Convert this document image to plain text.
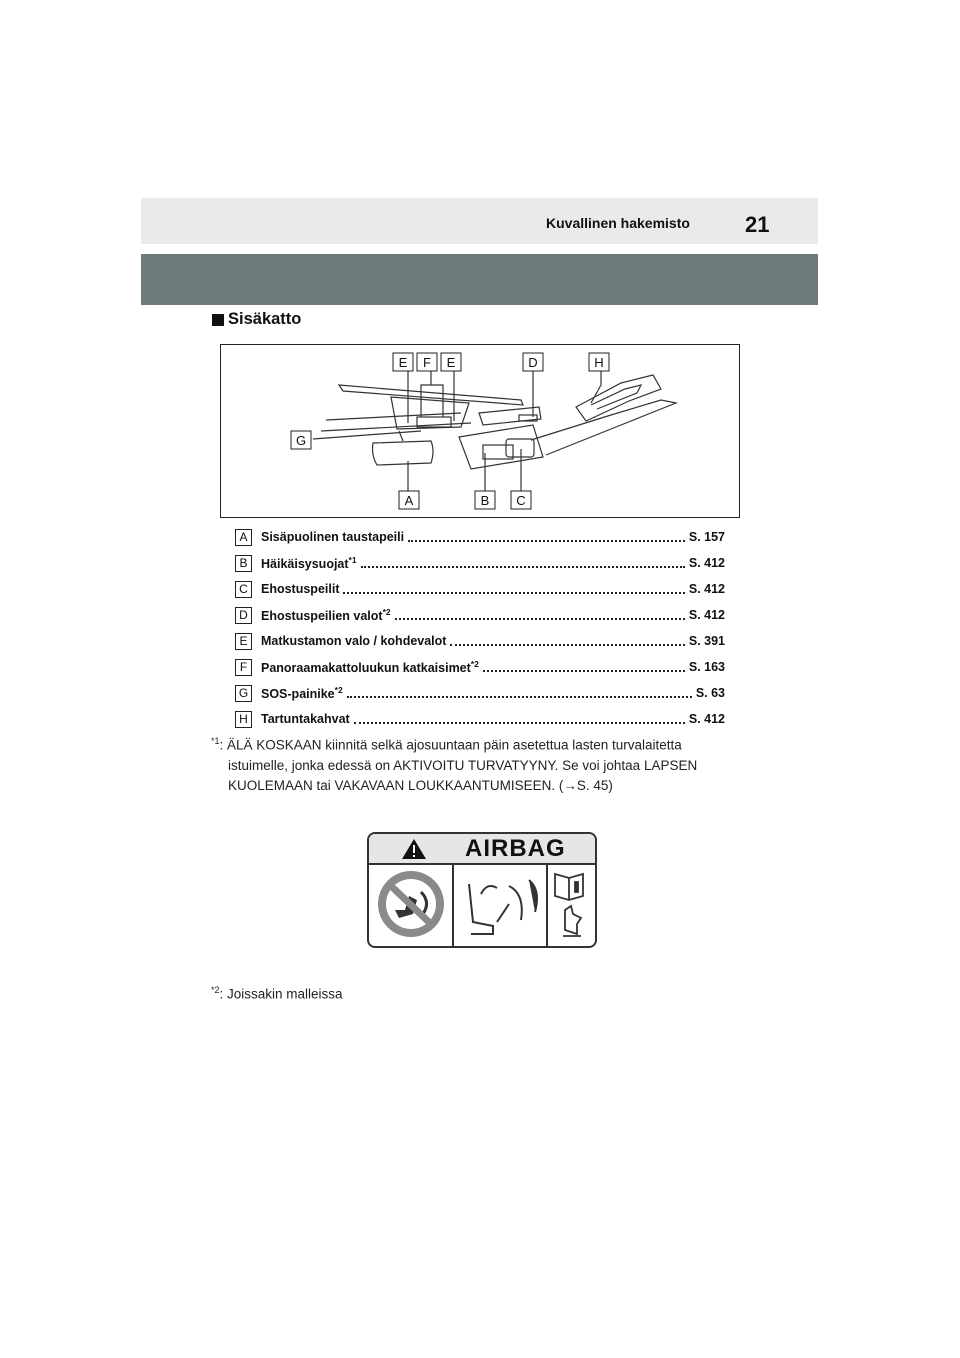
Kuvallinen hakemisto	21
Sisäkatto
E F E	D	H
G
A	B C
A	Sisäpuolinen taustapeili	S. 157
B	Häikäisysuojat$^{*1}$	S. 412
C	Ehostuspeilit	S. 412
D	Ehostuspeilien valot$^{*2}$	S. 412
E	Matkustamon valo / kohdevalot	S. 391
F	Panoraamakattoluukun katkaisimet$^{*2}$	S. 163
G	SOS-painike$^{*2}$	S. 63
H	Tartuntakahvat	S. 412
$^{*1}$: ÄLÄ KOSKAAN kiinnitä selkä ajosuuntaan päin asetettua lasten turvalaitetta
istuimelle, jonka edessä on AKTIVOITU TURVATYYNY. Se voi johtaa LAPSEN
KUOLEMAAN tai VAKAVAAN LOUKKAANTUMISEEN. (→S. 45)
AIRBAG
$^{*2}$: Joissakin malleissa
